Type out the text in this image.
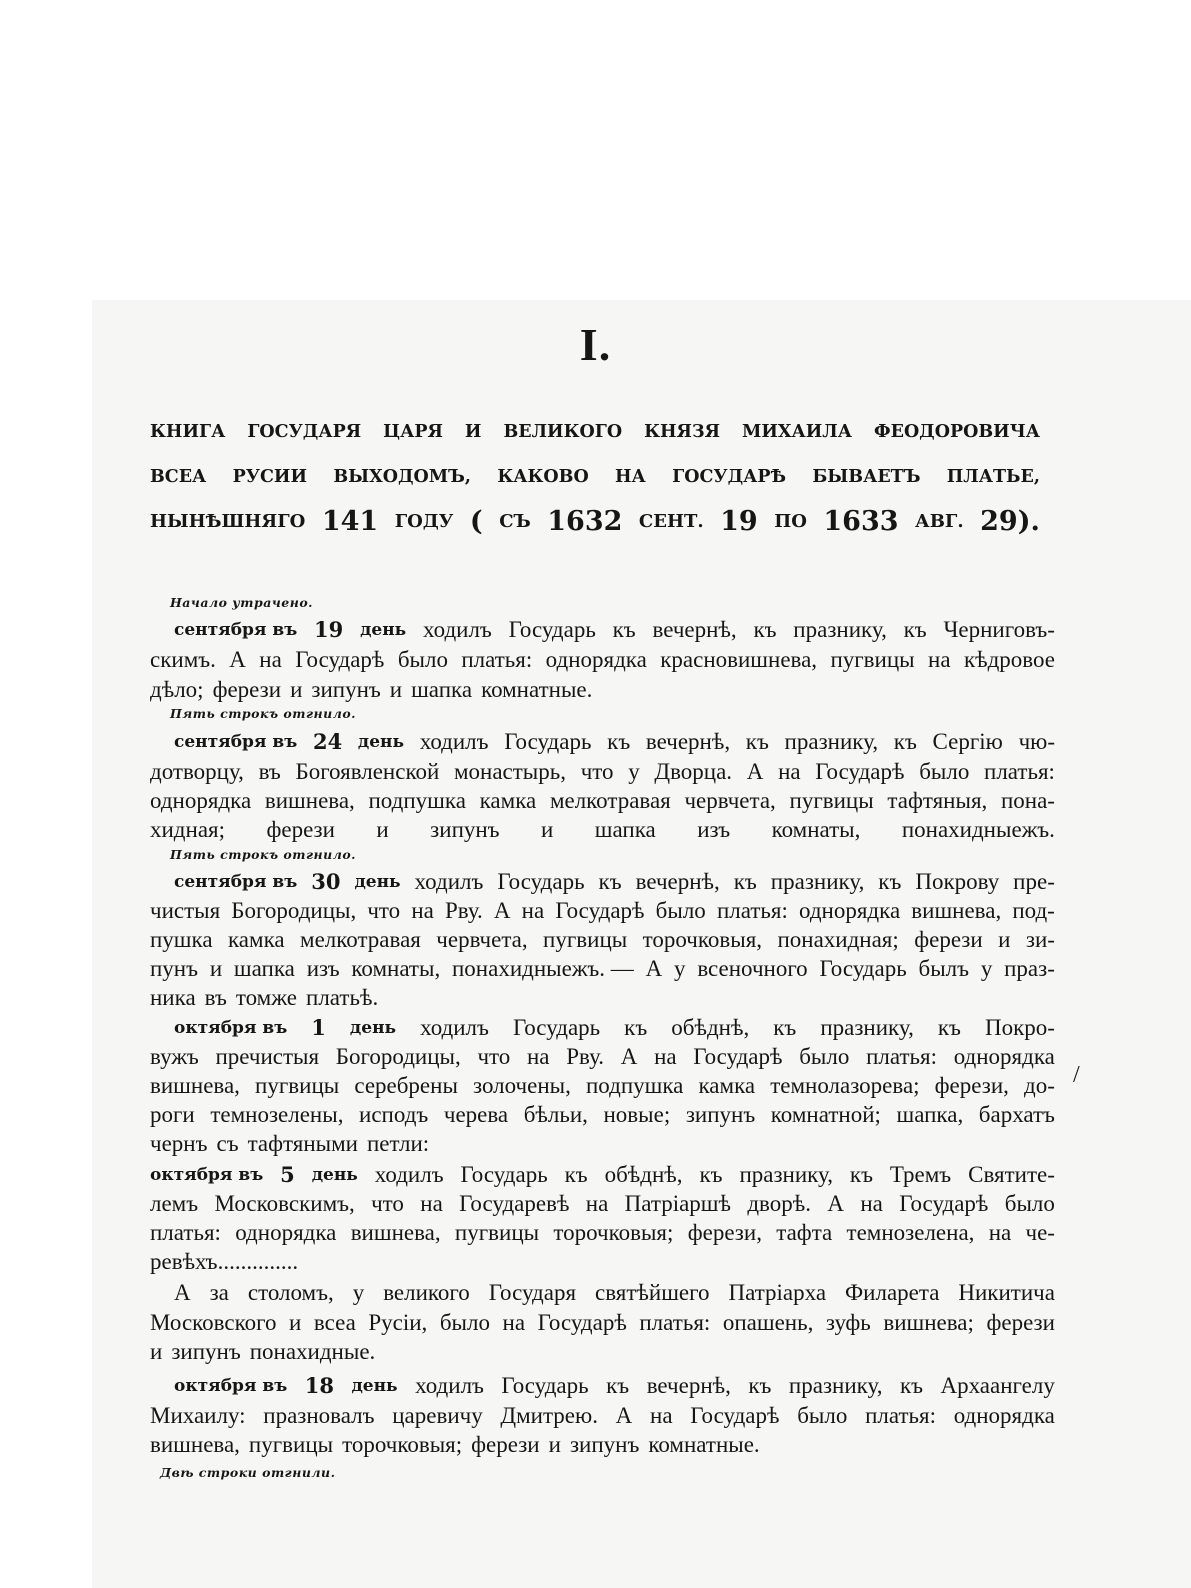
I.
КНИГА ГОСУДАРЯ ЦАРЯ И ВЕЛИКОГО КНЯЗЯ МИХАИЛА ФЕОДОРОВИЧА
ВСЕА РУСИИ ВЫХОДОМЪ, КАКОВО НА ГОСУДАРѢ БЫВАЕТЪ ПЛАТЬЕ,
НЫНѢШНЯГО 141 ГОДУ ( СЪ 1632 СЕНТ. 19 ПО 1633 АВГ. 29).
Начало утрачено.
Пять строкъ отгнило.
Пять строкъ отгнило.
Двѣ строки отгнили.
/
сентября въ 19 день ходилъ Государь къ вечернѣ, къ празнику, къ Черниговъ-
скимъ. А на Государѣ было платья: однорядка красновишнева, пугвицы на кѣдровое
дѣло; ферези и зипунъ и шапка комнатные.
сентября въ 24 день ходилъ Государь къ вечернѣ, къ празнику, къ Сергію чю-
дотворцу, въ Богоявленской монастырь, что у Дворца. А на Государѣ было платья:
однорядка вишнева, подпушка камка мелкотравая червчета, пугвицы тафтяныя, пона-
хидная; ферези и зипунъ и шапка изъ комнаты, понахидныежъ.
сентября въ 30 день ходилъ Государь къ вечернѣ, къ празнику, къ Покрову пре-
чистыя Богородицы, что на Рву. А на Государѣ было платья: однорядка вишнева, под-
пушка камка мелкотравая червчета, пугвицы торочковыя, понахидная; ферези и зи-
пунъ и шапка изъ комнаты, понахидныежъ. — А у всеночного Государь былъ у праз-
ника въ томже платьѣ.
октября въ 1 день ходилъ Государь къ обѣднѣ, къ празнику, къ Покро-
вужъ пречистыя Богородицы, что на Рву. А на Государѣ было платья: однорядка
вишнева, пугвицы серебрены золочены, подпушка камка темнолазорева; ферези, до-
роги темнозелены, исподъ черева бѣльи, новые; зипунъ комнатной; шапка, бархатъ
чернъ съ тафтяными петли:
октября въ 5 день ходилъ Государь къ обѣднѣ, къ празнику, къ Тремъ Святите-
лемъ Московскимъ, что на Государевѣ на Патріаршѣ дворѣ. А на Государѣ было
платья: однорядка вишнева, пугвицы торочковыя; ферези, тафта темнозелена, на че-
ревѣхъ..............
А за столомъ, у великого Государя святѣйшего Патріарха Филарета Никитича
Московского и всеа Русіи, было на Государѣ платья: опашень, зуфь вишнева; ферези
и зипунъ понахидные.
октября въ 18 день ходилъ Государь къ вечернѣ, къ празнику, къ Архаангелу
Михаилу: празновалъ царевичу Дмитрею. А на Государѣ было платья: однорядка
вишнева, пугвицы торочковыя; ферези и зипунъ комнатные.
